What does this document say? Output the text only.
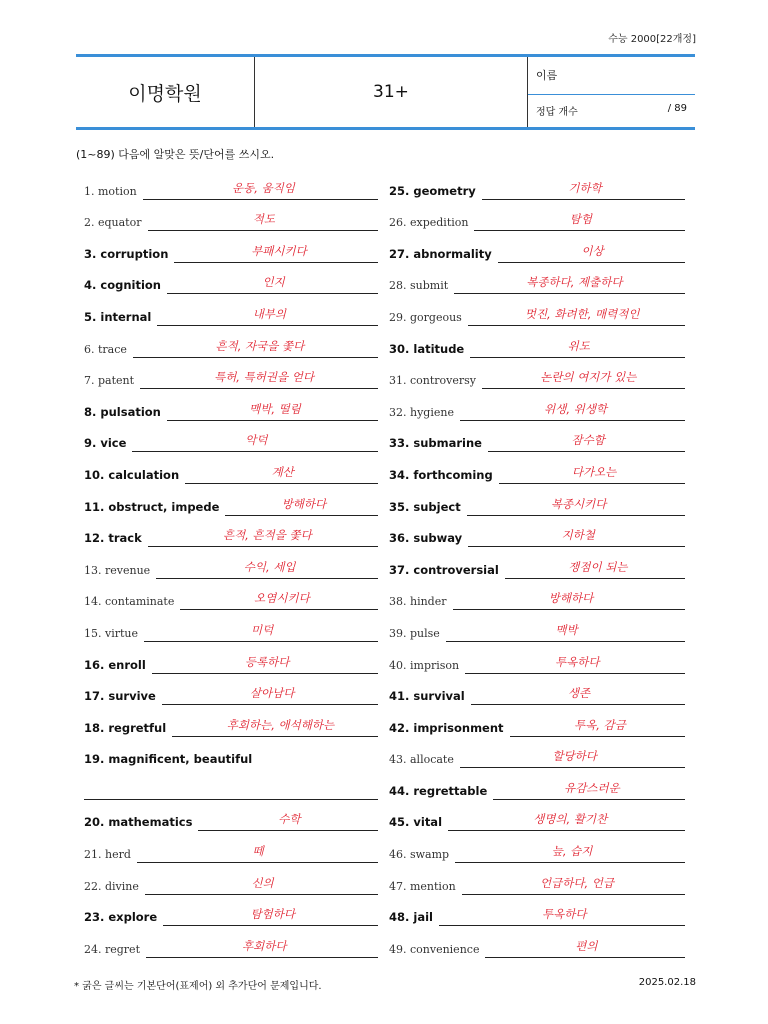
수능 2000[22개정]
이명학원	31+
이름
정답 개수	/ 89
(1~89) 다음에 알맞은 뜻/단어를 쓰시오.
1. motion	운동, 움직임
2. equator	적도
3. corruption	부패시키다
4. cognition	인지
5. internal	내부의
6. trace	흔적, 자국을 쫓다
7. patent	특허, 특허권을 얻다
8. pulsation	맥박, 떨림
9. vice	악덕
10. calculation	계산
11. obstruct, impede	방해하다
12. track	흔적, 흔적을 쫓다
13. revenue	수익, 세입
14. contaminate	오염시키다
15. virtue	미덕
16. enroll	등록하다
17. survive	살아남다
18. regretful	후회하는, 애석해하는
19. magnificent, beautiful
20. mathematics	수학
21. herd	떼
22. divine	신의
23. explore	탐험하다
24. regret	후회하다
25. geometry	기하학
26. expedition	탐험
27. abnormality	이상
28. submit	복종하다, 제출하다
29. gorgeous	멋진, 화려한, 매력적인
30. latitude	위도
31. controversy	논란의 여지가 있는
32. hygiene	위생, 위생학
33. submarine	잠수함
34. forthcoming	다가오는
35. subject	복종시키다
36. subway	지하철
37. controversial	쟁점이 되는
38. hinder	방해하다
39. pulse	맥박
40. imprison	투옥하다
41. survival	생존
42. imprisonment	투옥, 감금
43. allocate	할당하다
44. regrettable	유감스러운
45. vital	생명의, 활기찬
46. swamp	늪, 습지
47. mention	언급하다, 언급
48. jail	투옥하다
49. convenience	편의
* 굵은 글씨는 기본단어(표제어) 외 추가단어 문제입니다.	2025.02.18
